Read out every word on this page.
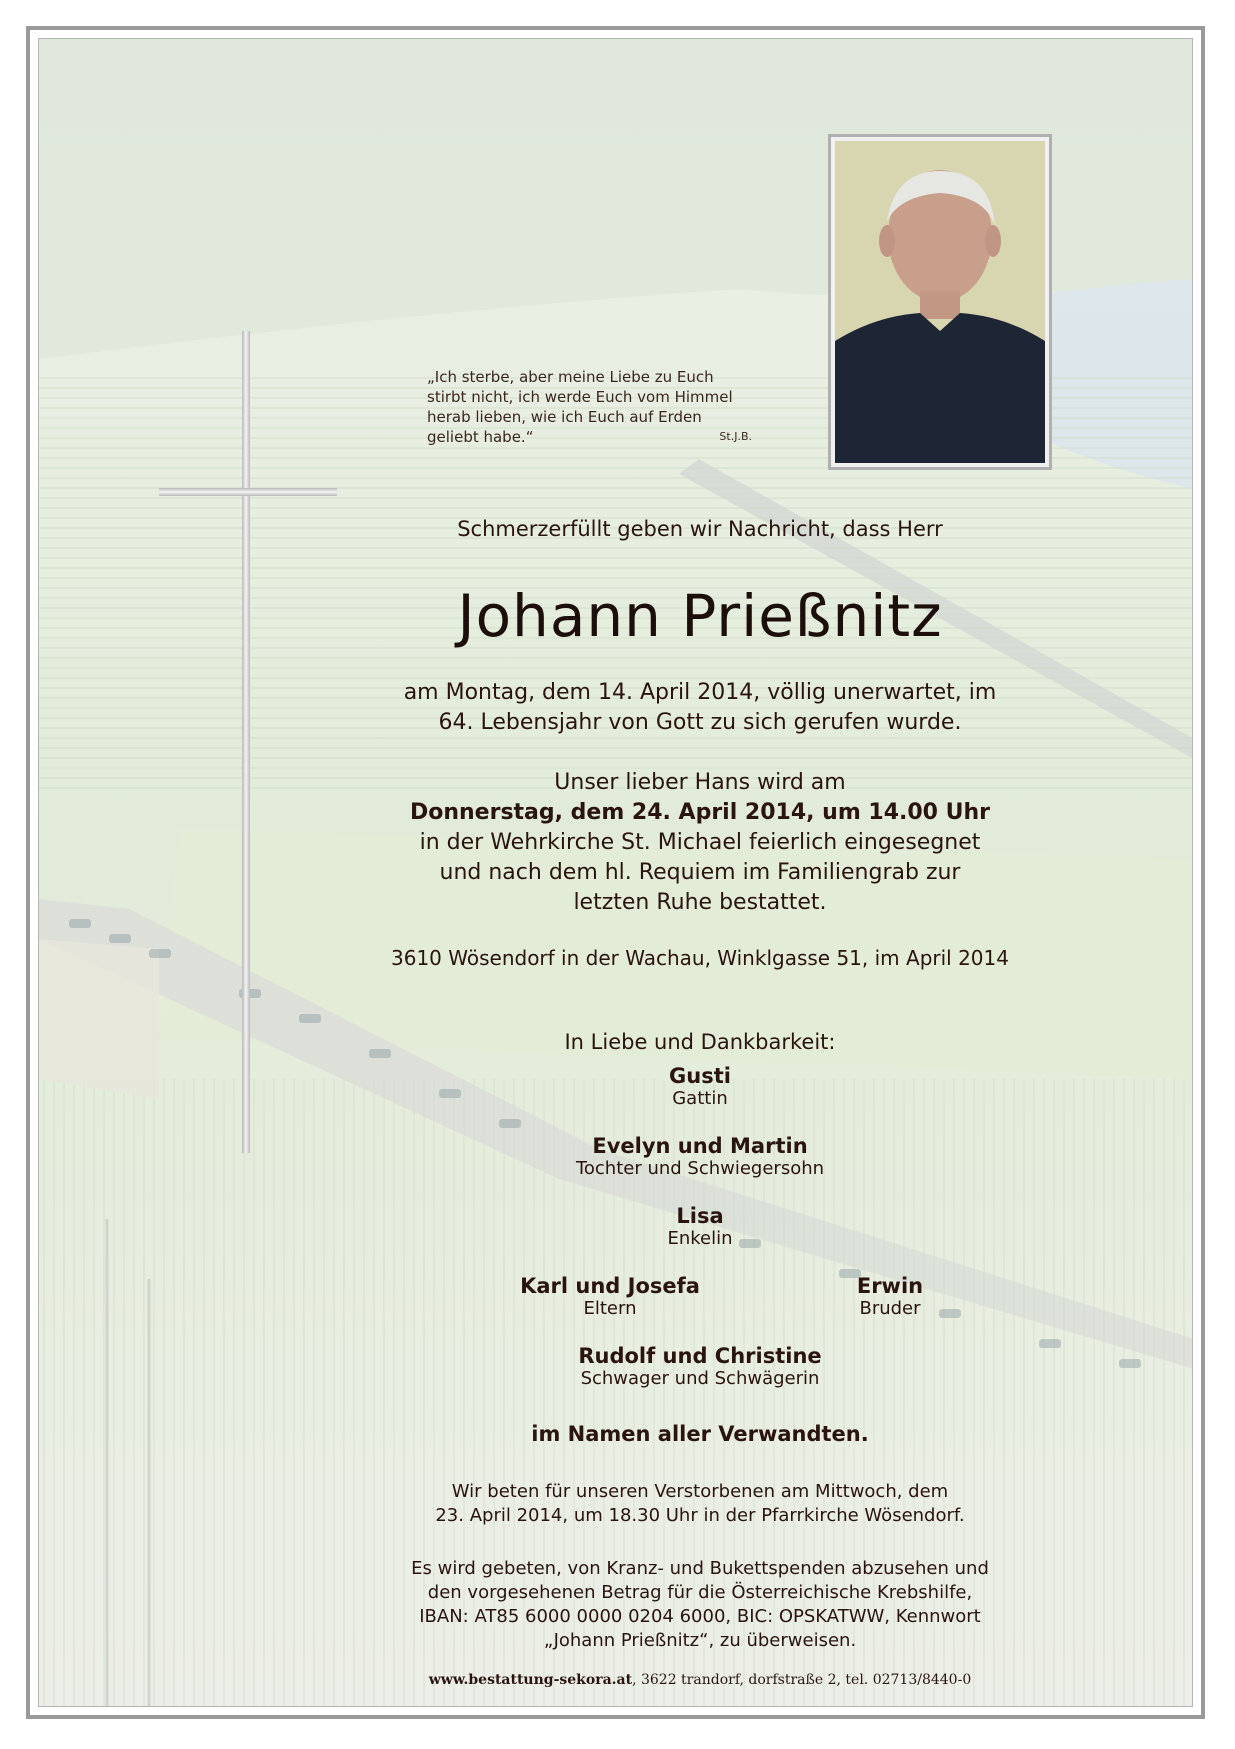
„Ich sterbe, aber meine Liebe zu Euch

stirbt nicht, ich werde Euch vom Himmel

herab lieben, wie ich Euch auf Erden

geliebt habe.“	St.J.B.
Schmerzerfüllt geben wir Nachricht, dass Herr
Johann Prießnitz
am Montag, dem 14. April 2014, völlig unerwartet, im
64. Lebensjahr von Gott zu sich gerufen wurde.
Unser lieber Hans wird am
Donnerstag, dem 24. April 2014, um 14.00 Uhr
in der Wehrkirche St. Michael feierlich eingesegnet
und nach dem hl. Requiem im Familiengrab zur
letzten Ruhe bestattet.
3610 Wösendorf in der Wachau, Winklgasse 51, im April 2014
In Liebe und Dankbarkeit:
Gusti
Gattin
Evelyn und Martin
Tochter und Schwiegersohn
Lisa
Enkelin
Karl und Josefa
Eltern
Erwin
Bruder
Rudolf und Christine
Schwager und Schwägerin
im Namen aller Verwandten.
Wir beten für unseren Verstorbenen am Mittwoch, dem
23. April 2014, um 18.30 Uhr in der Pfarrkirche Wösendorf.
Es wird gebeten, von Kranz- und Bukettspenden abzusehen und
den vorgesehenen Betrag für die Österreichische Krebshilfe,
IBAN: AT85 6000 0000 0204 6000, BIC: OPSKATWW, Kennwort
„Johann Prießnitz“, zu überweisen.
www.bestattung-sekora.at, 3622 trandorf, dorfstraße 2, tel. 02713/8440-0
